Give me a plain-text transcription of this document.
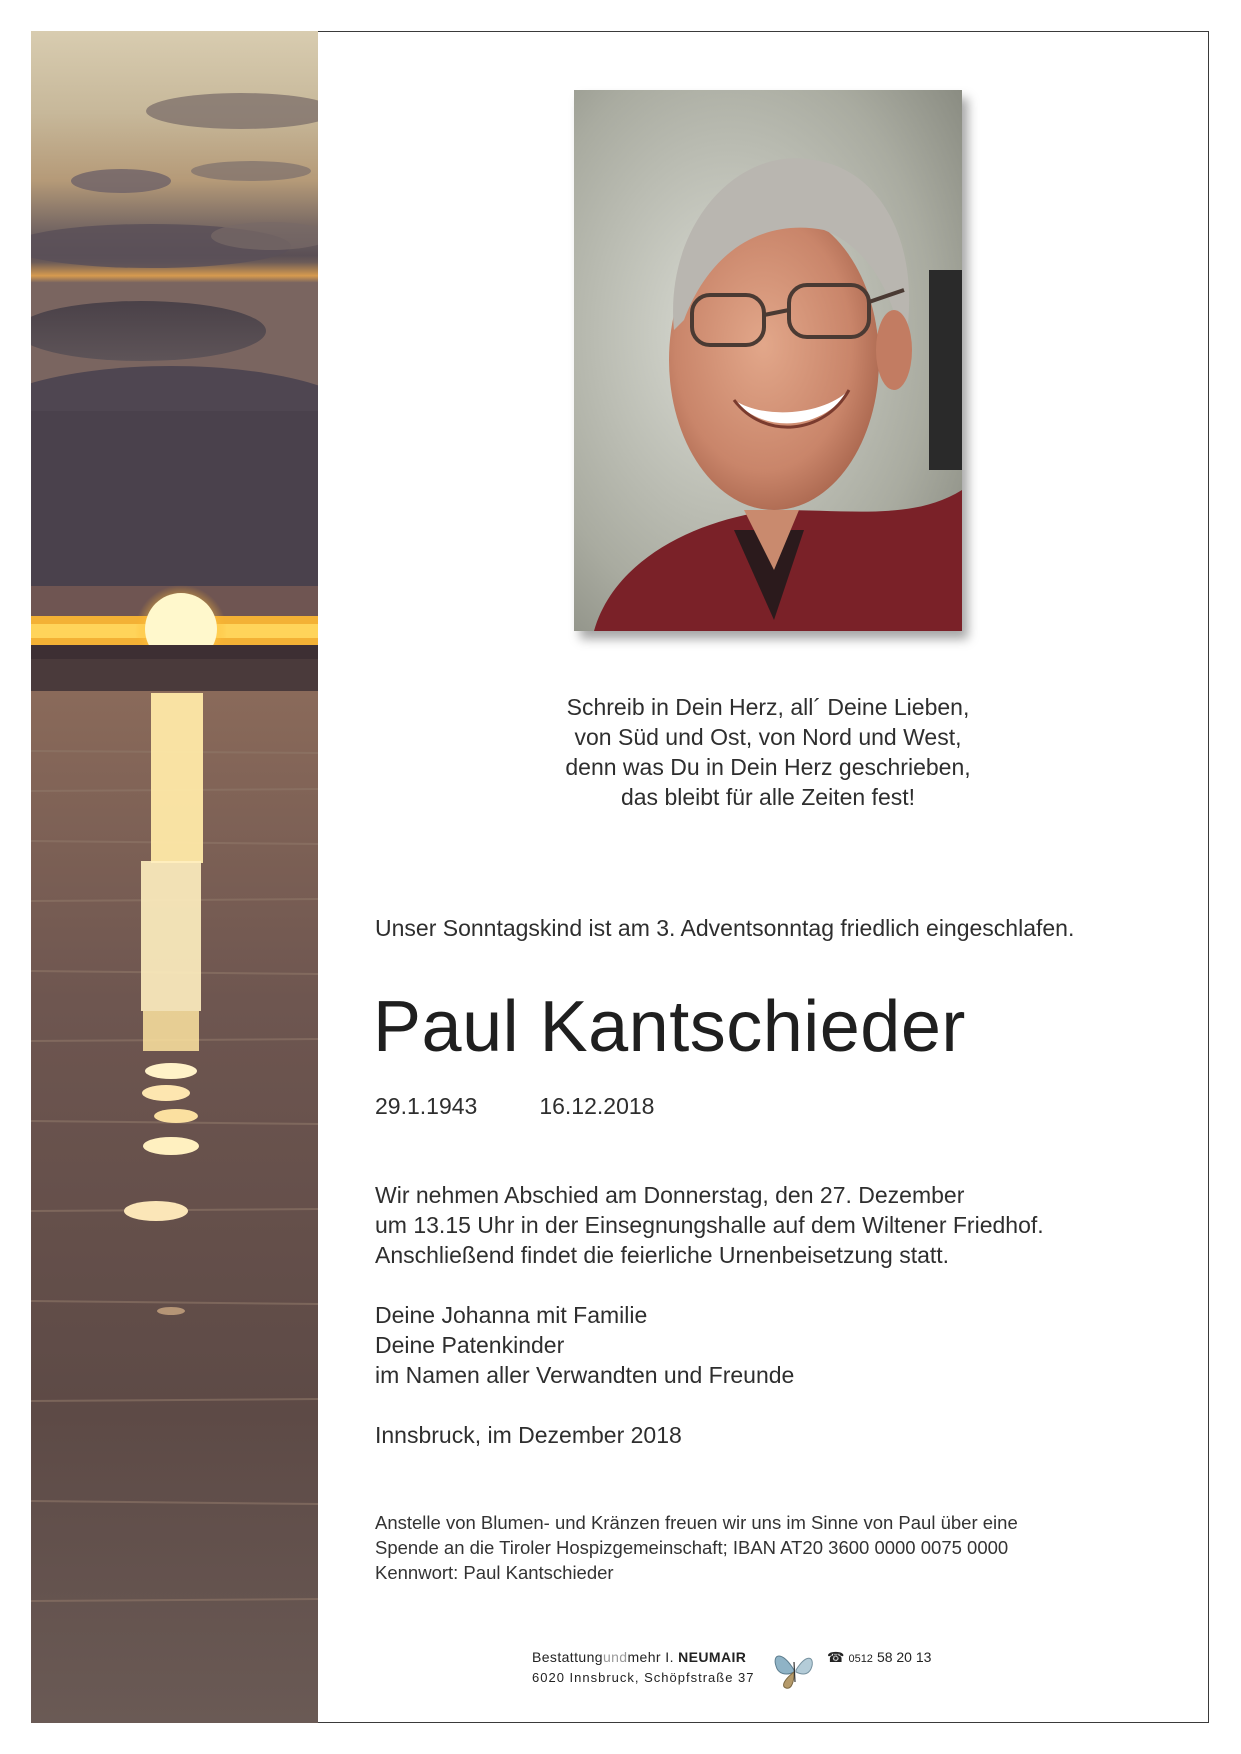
Schreib in Dein Herz, all´ Deine Lieben,
von Süd und Ost, von Nord und West,
denn was Du in Dein Herz geschrieben,
das bleibt für alle Zeiten fest!
Unser Sonntagskind ist am 3. Adventsonntag friedlich eingeschlafen.
Paul Kantschieder
29.1.1943	16.12.2018
Wir nehmen Abschied am Donnerstag, den 27. Dezember
um 13.15 Uhr in der Einsegnungshalle auf dem Wiltener Friedhof.
Anschließend findet die feierliche Urnenbeisetzung statt.
Deine Johanna mit Familie
Deine Patenkinder
im Namen aller Verwandten und Freunde
Innsbruck, im Dezember 2018
Anstelle von Blumen- und Kränzen freuen wir uns im Sinne von Paul über eine
Spende an die Tiroler Hospizgemeinschaft; IBAN AT20 3600 0000 0075 0000
Kennwort: Paul Kantschieder
Bestattungundmehr I. NEUMAIR
6020 Innsbruck, Schöpfstraße 37
☎ 0512 58 20 13
